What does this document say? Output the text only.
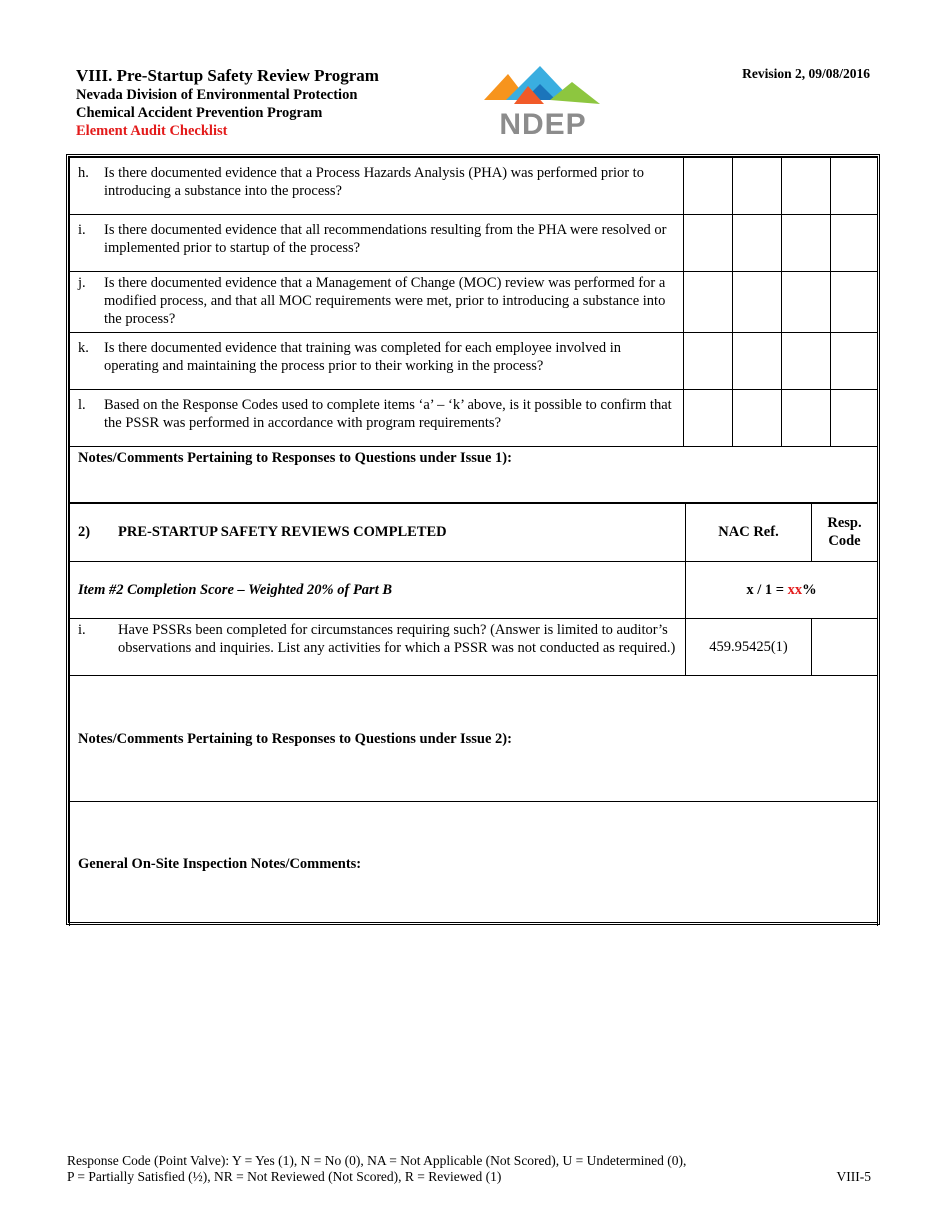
VIII. Pre-Startup Safety Review Program
Nevada Division of Environmental Protection
Chemical Accident Prevention Program
Element Audit Checklist	NDEP
Revision 2, 09/08/2016
h. Is there documented evidence that a Process Hazards Analysis (PHA) was performed prior to introducing a substance into the process?				

i. Is there documented evidence that all recommendations resulting from the PHA were resolved or implemented prior to startup of the process?				

j. Is there documented evidence that a Management of Change (MOC) review was performed for a modified process, and that all MOC requirements were met, prior to introducing a substance into the process?				

k. Is there documented evidence that training was completed for each employee involved in operating and maintaining the process prior to their working in the process?				

l. Based on the Response Codes used to complete items ‘a’ – ‘k’ above, is it possible to confirm that the PSSR was performed in accordance with program requirements?				

Notes/Comments Pertaining to Responses to Questions under Issue 1):				
2) PRE-STARTUP SAFETY REVIEWS COMPLETED	NAC Ref.	Resp.
Code

Item #2 Completion Score – Weighted 20% of Part B	x / 1 = xx%	

i. Have PSSRs been completed for circumstances requiring such? (Answer is limited to auditor’s observations and inquiries. List any activities for which a PSSR was not conducted as required.)	459.95425(1)	
Notes/Comments Pertaining to Responses to Questions under Issue 2):		
General On-Site Inspection Notes/Comments:		
Response Code (Point Valve): Y = Yes (1), N = No (0), NA = Not Applicable (Not Scored), U = Undetermined (0),
P = Partially Satisfied (½), NR = Not Reviewed (Not Scored), R = Reviewed (1)	VIII-5
